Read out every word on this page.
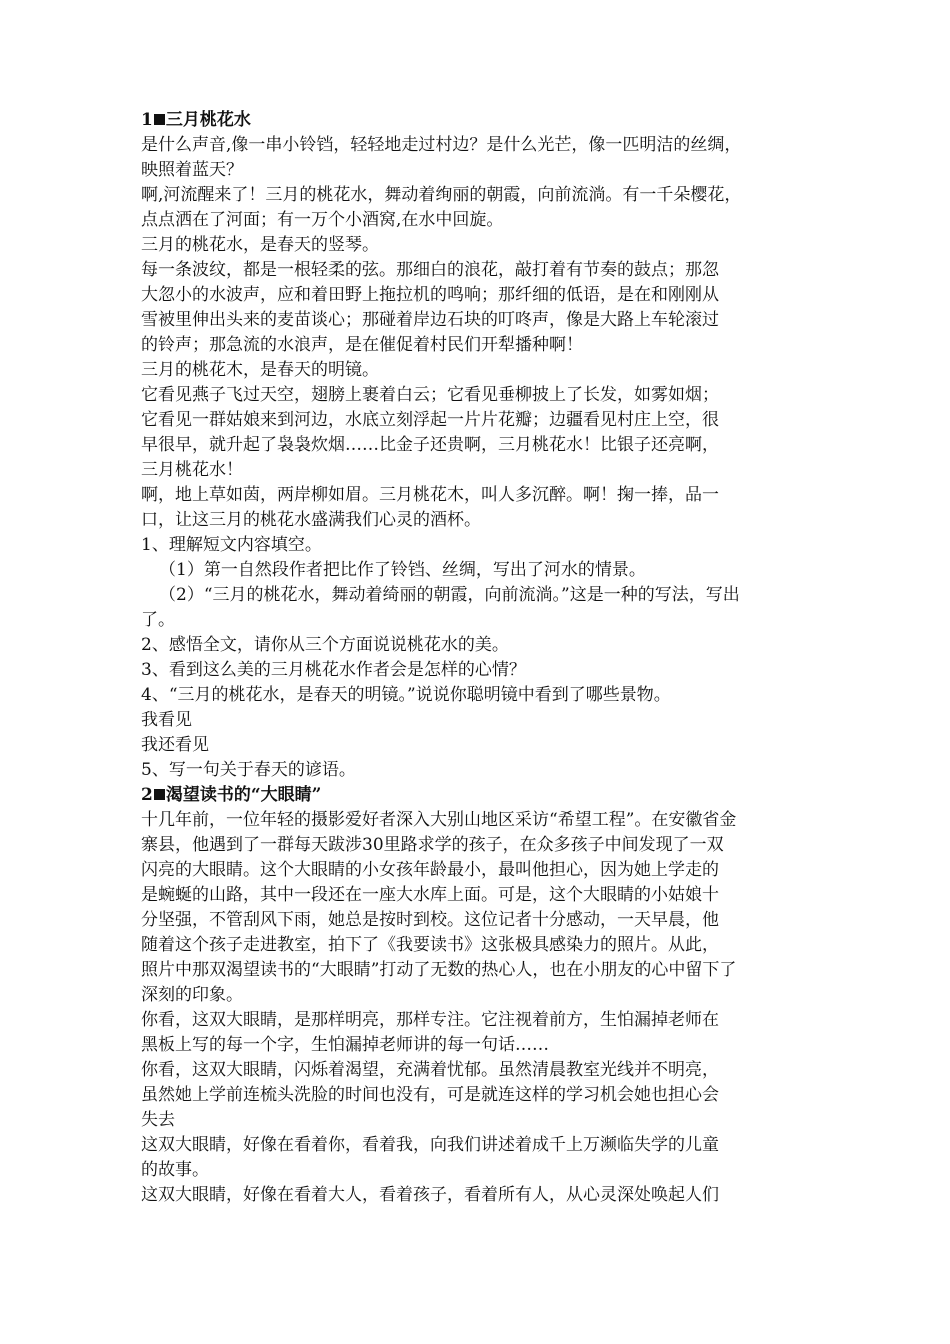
1 三月桃花水
是什么声音,像一串小铃铛，轻轻地走过村边？是什么光芒，像一匹明洁的丝绸，
映照着蓝天？
啊,河流醒来了！三月的桃花水，舞动着绚丽的朝霞，向前流淌。有一千朵樱花，
点点洒在了河面；有一万个小酒窝,在水中回旋。
三月的桃花水，是春天的竖琴。
每一条波纹，都是一根轻柔的弦。那细白的浪花，敲打着有节奏的鼓点；那忽
大忽小的水波声，应和着田野上拖拉机的鸣响；那纤细的低语，是在和刚刚从
雪被里伸出头来的麦苗谈心；那碰着岸边石块的叮咚声，像是大路上车轮滚过
的铃声；那急流的水浪声，是在催促着村民们开犁播种啊！
三月的桃花木，是春天的明镜。
它看见燕子飞过天空，翅膀上裹着白云；它看见垂柳披上了长发，如雾如烟；
它看见一群姑娘来到河边，水底立刻浮起一片片花瓣；边疆看见村庄上空，很
早很早，就升起了袅袅炊烟……比金子还贵啊，三月桃花水！比银子还亮啊，
三月桃花水！
啊，地上草如茵，两岸柳如眉。三月桃花木，叫人多沉醉。啊！掬一捧，品一
口，让这三月的桃花水盛满我们心灵的酒杯。
1、理解短文内容填空。
（1）第一自然段作者把比作了铃铛、丝绸，写出了河水的情景。
（2）“三月的桃花水，舞动着绮丽的朝霞，向前流淌。”这是一种的写法，写出
了。
2、感悟全文，请你从三个方面说说桃花水的美。
3、看到这么美的三月桃花水作者会是怎样的心情？
4、“三月的桃花水，是春天的明镜。”说说你聪明镜中看到了哪些景物。
我看见
我还看见
5、写一句关于春天的谚语。
2 渴望读书的“大眼睛”
十几年前，一位年轻的摄影爱好者深入大别山地区采访“希望工程”。在安徽省金
寨县，他遇到了一群每天跋涉30里路求学的孩子，在众多孩子中间发现了一双
闪亮的大眼睛。这个大眼睛的小女孩年龄最小，最叫他担心，因为她上学走的
是蜿蜒的山路，其中一段还在一座大水库上面。可是，这个大眼睛的小姑娘十
分坚强，不管刮风下雨，她总是按时到校。这位记者十分感动，一天早晨，他
随着这个孩子走进教室，拍下了《我要读书》这张极具感染力的照片。从此，
照片中那双渴望读书的“大眼睛”打动了无数的热心人，也在小朋友的心中留下了
深刻的印象。
你看，这双大眼睛，是那样明亮，那样专注。它注视着前方，生怕漏掉老师在
黑板上写的每一个字，生怕漏掉老师讲的每一句话……
你看，这双大眼睛，闪烁着渴望，充满着忧郁。虽然清晨教室光线并不明亮，
虽然她上学前连梳头洗脸的时间也没有，可是就连这样的学习机会她也担心会
失去
这双大眼睛，好像在看着你，看着我，向我们讲述着成千上万濒临失学的儿童
的故事。
这双大眼睛，好像在看着大人，看着孩子，看着所有人，从心灵深处唤起人们
